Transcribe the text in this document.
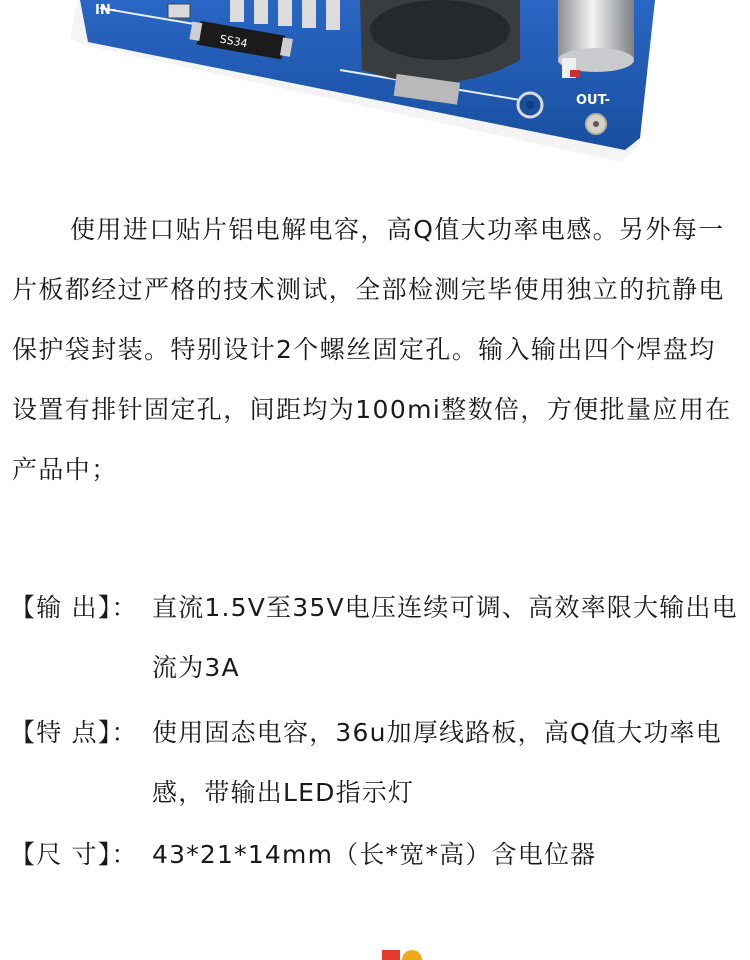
IN-
SS34
OUT-
使用进口贴片铝电解电容，高Q值大功率电感。另外每一
片板都经过严格的技术测试，全部检测完毕使用独立的抗静电
保护袋封装。特别设计2个螺丝固定孔。输入输出四个焊盘均
设置有排针固定孔，间距均为100mi整数倍，方便批量应用在
产品中；
【输 出】： 直流1.5V至35V电压连续可调、高效率限大输出电
流为3A
【特 点】： 使用固态电容，36u加厚线路板，高Q值大功率电
感，带输出LED指示灯
【尺 寸】： 43*21*14mm（长*宽*高）含电位器
